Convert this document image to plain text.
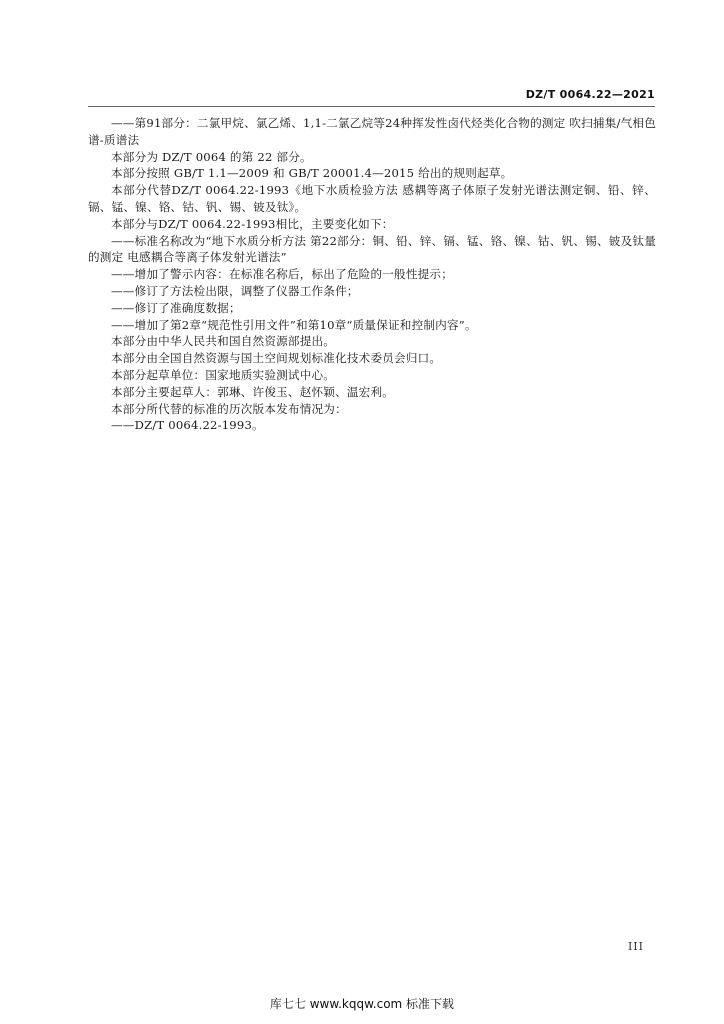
DZ/T 0064.22—2021

——第91部分：二氯甲烷、氯乙烯、1,1-二氯乙烷等24种挥发性卤代烃类化合物的测定 吹扫捕集/气相色谱-质谱法

本部分为 DZ/T 0064 的第 22 部分。

本部分按照 GB/T 1.1—2009 和 GB/T 20001.4—2015 给出的规则起草。

本部分代替DZ/T 0064.22-1993《地下水质检验方法 感耦等离子体原子发射光谱法测定铜、铅、锌、镉、锰、镍、铬、钴、钒、锡、铍及钛》。

本部分与DZ/T 0064.22-1993相比，主要变化如下：

——标准名称改为“地下水质分析方法 第22部分：铜、铅、锌、镉、锰、铬、镍、钴、钒、锡、铍及钛量的测定 电感耦合等离子体发射光谱法”

——增加了警示内容：在标准名称后，标出了危险的一般性提示；

——修订了方法检出限，调整了仪器工作条件；

——修订了准确度数据；

——增加了第2章“规范性引用文件”和第10章“质量保证和控制内容”。

本部分由中华人民共和国自然资源部提出。

本部分由全国自然资源与国土空间规划标准化技术委员会归口。

本部分起草单位：国家地质实验测试中心。

本部分主要起草人：郭琳、许俊玉、赵怀颖、温宏利。

本部分所代替的标准的历次版本发布情况为：

——DZ/T 0064.22-1993。

III
库七七 www.kqqw.com 标准下载
